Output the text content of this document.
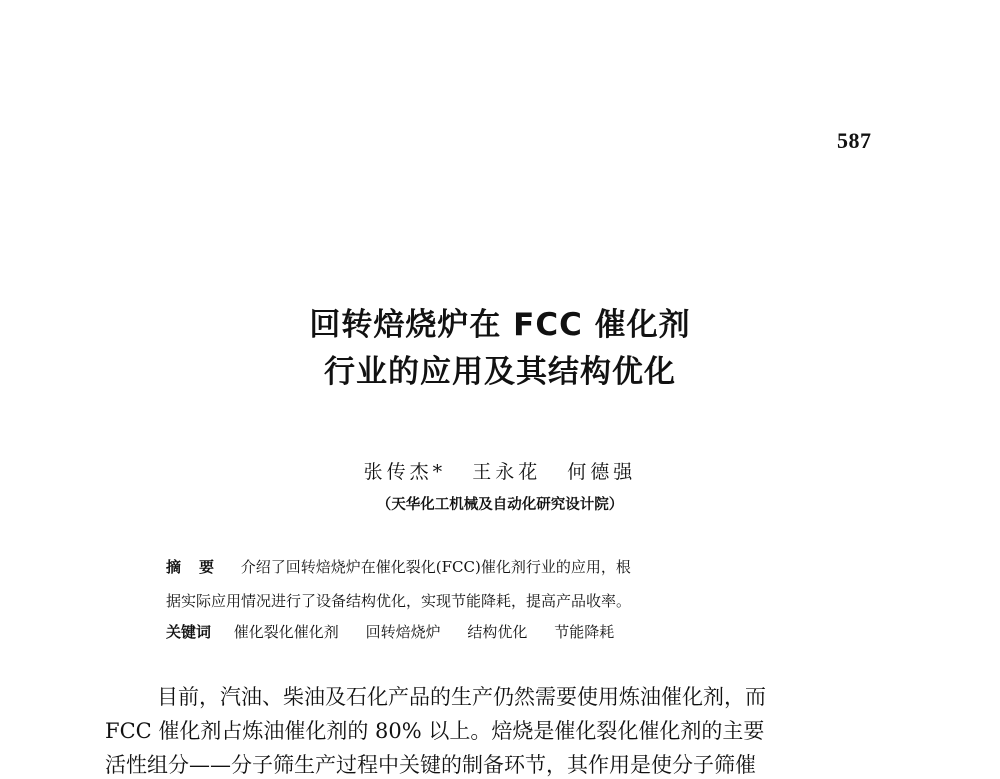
587
回转焙烧炉在 FCC 催化剂
行业的应用及其结构优化
张传杰* 王永花 何德强
（天华化工机械及自动化研究设计院）
摘要 介绍了回转焙烧炉在催化裂化(FCC)催化剂行业的应用，根
据实际应用情况进行了设备结构优化，实现节能降耗，提高产品收率。
关键词 催化裂化催化剂 回转焙烧炉 结构优化 节能降耗
目前，汽油、柴油及石化产品的生产仍然需要使用炼油催化剂，而
FCC 催化剂占炼油催化剂的 80% 以上。焙烧是催化裂化催化剂的主要
活性组分——分子筛生产过程中关键的制备环节，其作用是使分子筛催
